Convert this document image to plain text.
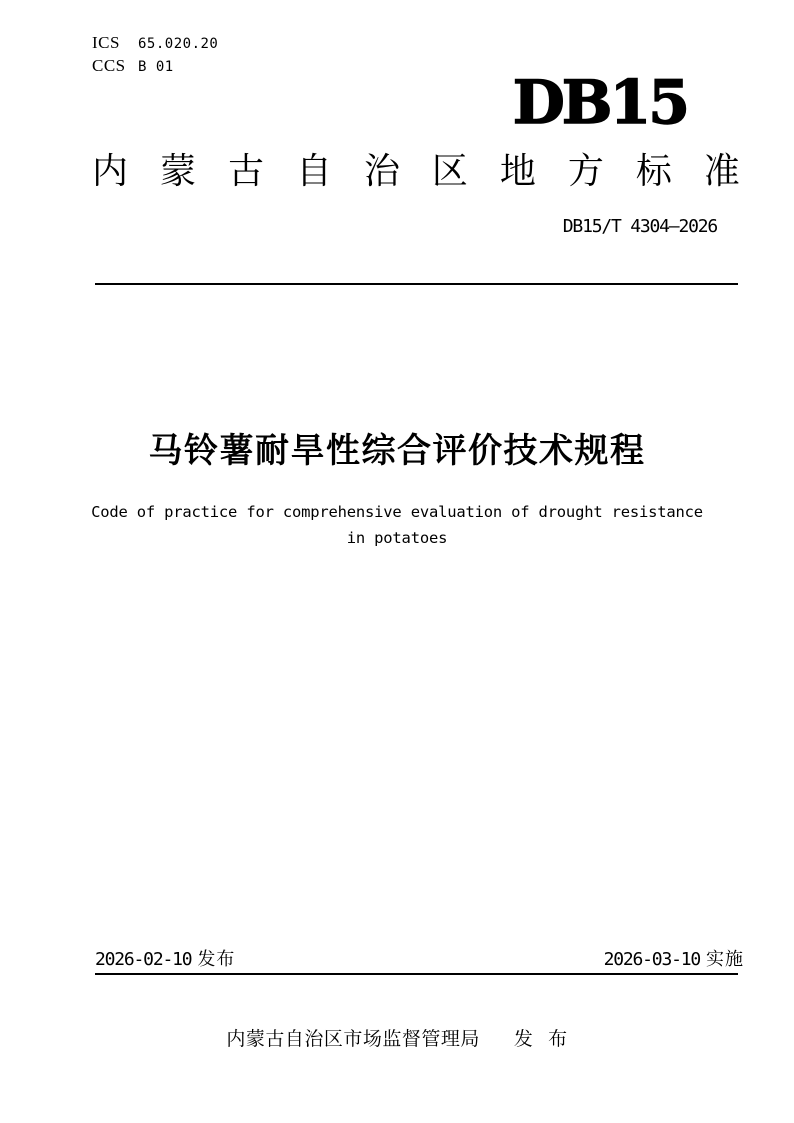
ICS	65.020.20
CCS B 01
DB15
内 蒙 古 自 治 区 地 方 标 准
DB15/T 4304—2026
马铃薯耐旱性综合评价技术规程
Code of practice for comprehensive evaluation of drought resistance
in potatoes
2026-02-10 发布	2026-03-10 实施
内蒙古自治区市场监督管理局 发 布
